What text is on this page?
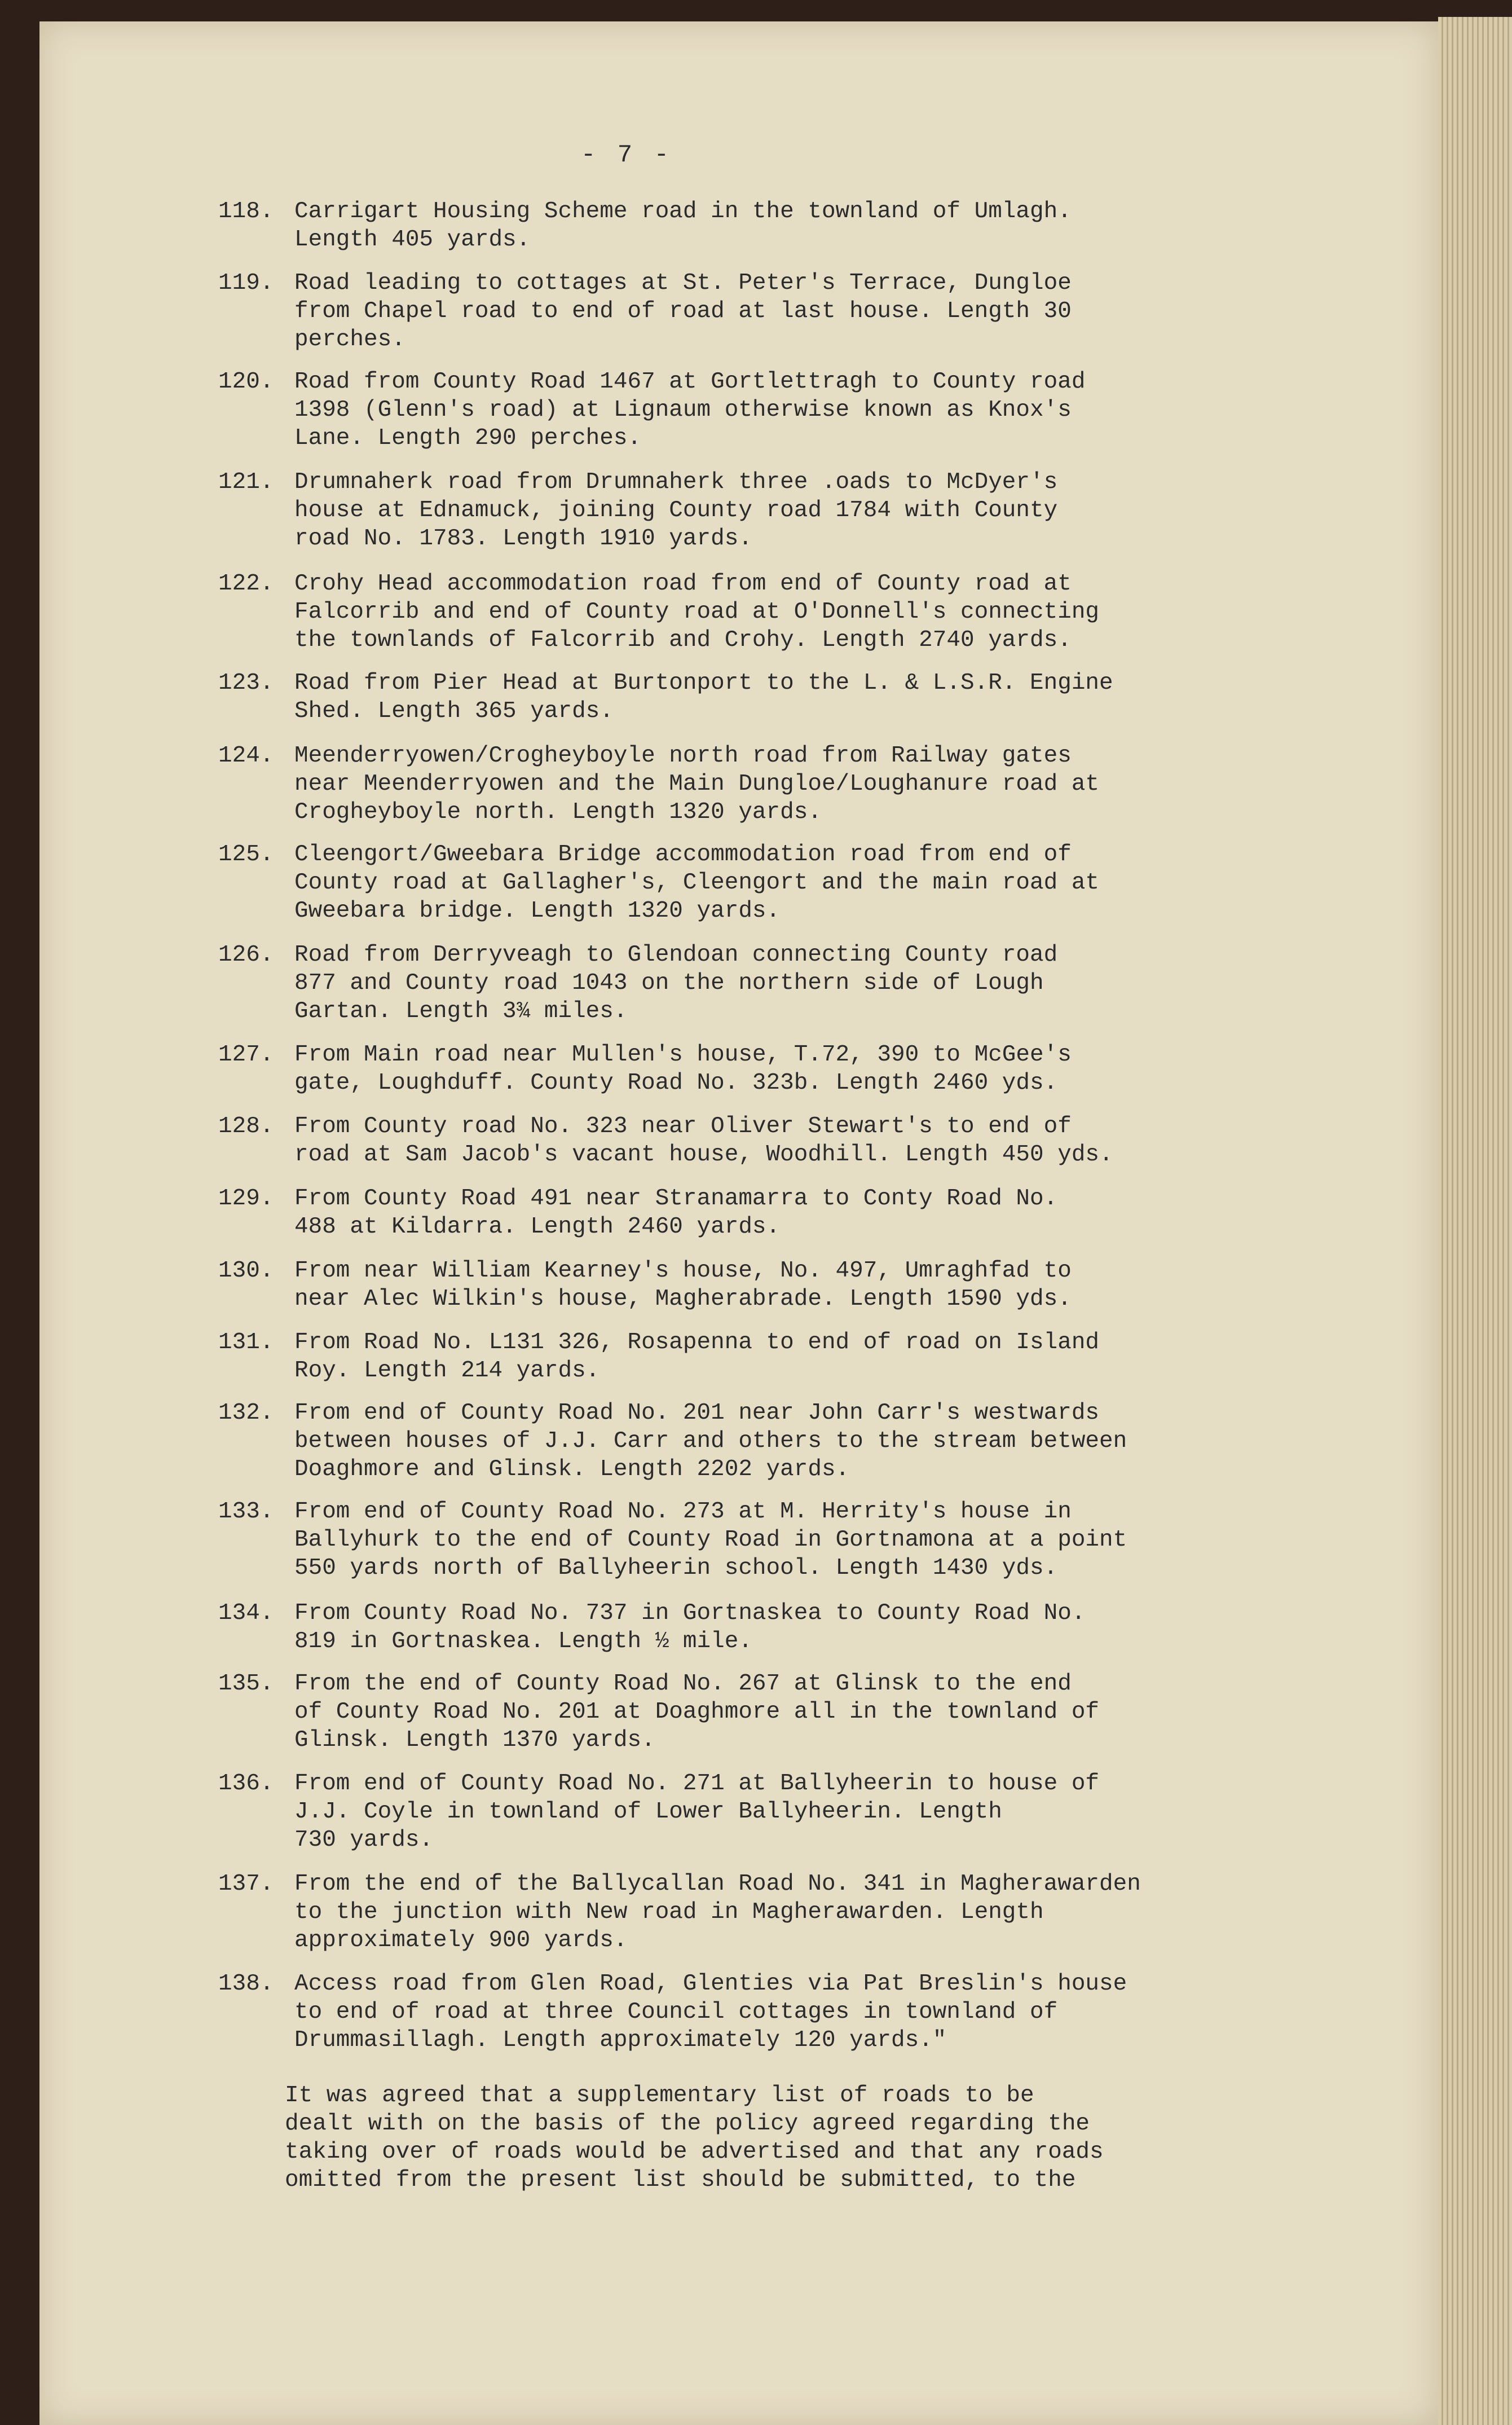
- 7 -
118. Carrigart Housing Scheme road in the townland of Umlagh.
Length 405 yards.
119. Road leading to cottages at St. Peter's Terrace, Dungloe
from Chapel road to end of road at last house. Length 30
perches.
120. Road from County Road 1467 at Gortlettragh to County road
1398 (Glenn's road) at Lignaum otherwise known as Knox's
Lane. Length 290 perches.
121. Drumnaherk road from Drumnaherk three .oads to McDyer's
house at Ednamuck, joining County road 1784 with County
road No. 1783. Length 1910 yards.
122. Crohy Head accommodation road from end of County road at
Falcorrib and end of County road at O'Donnell's connecting
the townlands of Falcorrib and Crohy. Length 2740 yards.
123. Road from Pier Head at Burtonport to the L. & L.S.R. Engine
Shed. Length 365 yards.
124. Meenderryowen/Crogheyboyle north road from Railway gates
near Meenderryowen and the Main Dungloe/Loughanure road at
Crogheyboyle north. Length 1320 yards.
125. Cleengort/Gweebara Bridge accommodation road from end of
County road at Gallagher's, Cleengort and the main road at
Gweebara bridge. Length 1320 yards.
126. Road from Derryveagh to Glendoan connecting County road
877 and County road 1043 on the northern side of Lough
Gartan. Length 3¾ miles.
127. From Main road near Mullen's house, T.72, 390 to McGee's
gate, Loughduff. County Road No. 323b. Length 2460 yds.
128. From County road No. 323 near Oliver Stewart's to end of
road at Sam Jacob's vacant house, Woodhill. Length 450 yds.
129. From County Road 491 near Stranamarra to Conty Road No.
488 at Kildarra. Length 2460 yards.
130. From near William Kearney's house, No. 497, Umraghfad to
near Alec Wilkin's house, Magherabrade. Length 1590 yds.
131. From Road No. L131 326, Rosapenna to end of road on Island
Roy. Length 214 yards.
132. From end of County Road No. 201 near John Carr's westwards
between houses of J.J. Carr and others to the stream between
Doaghmore and Glinsk. Length 2202 yards.
133. From end of County Road No. 273 at M. Herrity's house in
Ballyhurk to the end of County Road in Gortnamona at a point
550 yards north of Ballyheerin school. Length 1430 yds.
134. From County Road No. 737 in Gortnaskea to County Road No.
819 in Gortnaskea. Length ½ mile.
135. From the end of County Road No. 267 at Glinsk to the end
of County Road No. 201 at Doaghmore all in the townland of
Glinsk. Length 1370 yards.
136. From end of County Road No. 271 at Ballyheerin to house of
J.J. Coyle in townland of Lower Ballyheerin. Length
730 yards.
137. From the end of the Ballycallan Road No. 341 in Magherawarden
to the junction with New road in Magherawarden. Length
approximately 900 yards.
138. Access road from Glen Road, Glenties via Pat Breslin's house
to end of road at three Council cottages in townland of
Drummasillagh. Length approximately 120 yards."
It was agreed that a supplementary list of roads to be
dealt with on the basis of the policy agreed regarding the
taking over of roads would be advertised and that any roads
omitted from the present list should be submitted, to the
